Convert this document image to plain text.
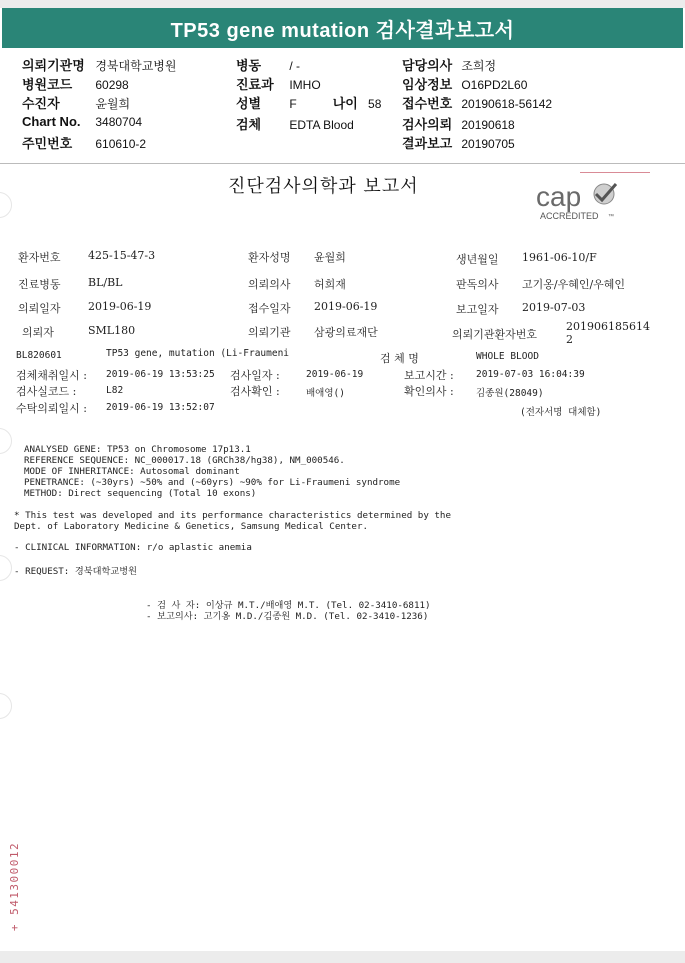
TP53 gene mutation 검사결과보고서
의뢰기관명 경북대학교병원	병동 / -	담당의사 조희정
병원코드 60298	진료과 IMHO	임상정보 O16PD2L60
수진자	윤월희	성별 F	나이 58 접수번호 20190618-56142
Chart No. 3480704	검체 EDTA Blood	검사의뢰 20190618
주민번호 610610-2	결과보고 20190705
진단검사의학과 보고서	cap
ACCREDITED ™
환자번호 425-15-47-3	환자성명 윤월희	생년월일 1961-06-10/F
진료병동 BL/BL	의뢰의사 허희재	판독의사 고기옹/우혜인/우혜인
의뢰일자 2019-06-19	접수일자 2019-06-19	보고일자 2019-07-03
의뢰자	SML180	의뢰기관 삼광의료재단	의뢰기관환자번호
201906185614
2
BL820601	TP53 gene, mutation (Li-Fraumeni	검 체 명	WHOLE BLOOD
검체채취일시 : 2019-06-19 13:53:25 검사일자 :	2019-06-19	보고시간 : 2019-07-03 16:04:39
검사실코드 :	L82	검사확인 :	배애영()	확인의사 : 김종원(28049)
수탁의뢰일시 : 2019-06-19 13:52:07	(전자서명 대체함)
ANALYSED GENE: TP53 on Chromosome 17p13.1
REFERENCE SEQUENCE: NC_000017.18 (GRCh38/hg38), NM_000546.
MODE OF INHERITANCE: Autosomal dominant
PENETRANCE: (~30yrs) ~50% and (~60yrs) ~90% for Li-Fraumeni syndrome
METHOD: Direct sequencing (Total 10 exons)
* This test was developed and its performance characteristics determined by the
Dept. of Laboratory Medicine & Genetics, Samsung Medical Center.
- CLINICAL INFORMATION: r/o aplastic anemia
- REQUEST: 경북대학교병원
- 검 사 자: 이상규 M.T./배애영 M.T. (Tel. 02-3410-6811)
- 보고의사: 고기옹 M.D./김종원 M.D. (Tel. 02-3410-1236)
+ 541300012
